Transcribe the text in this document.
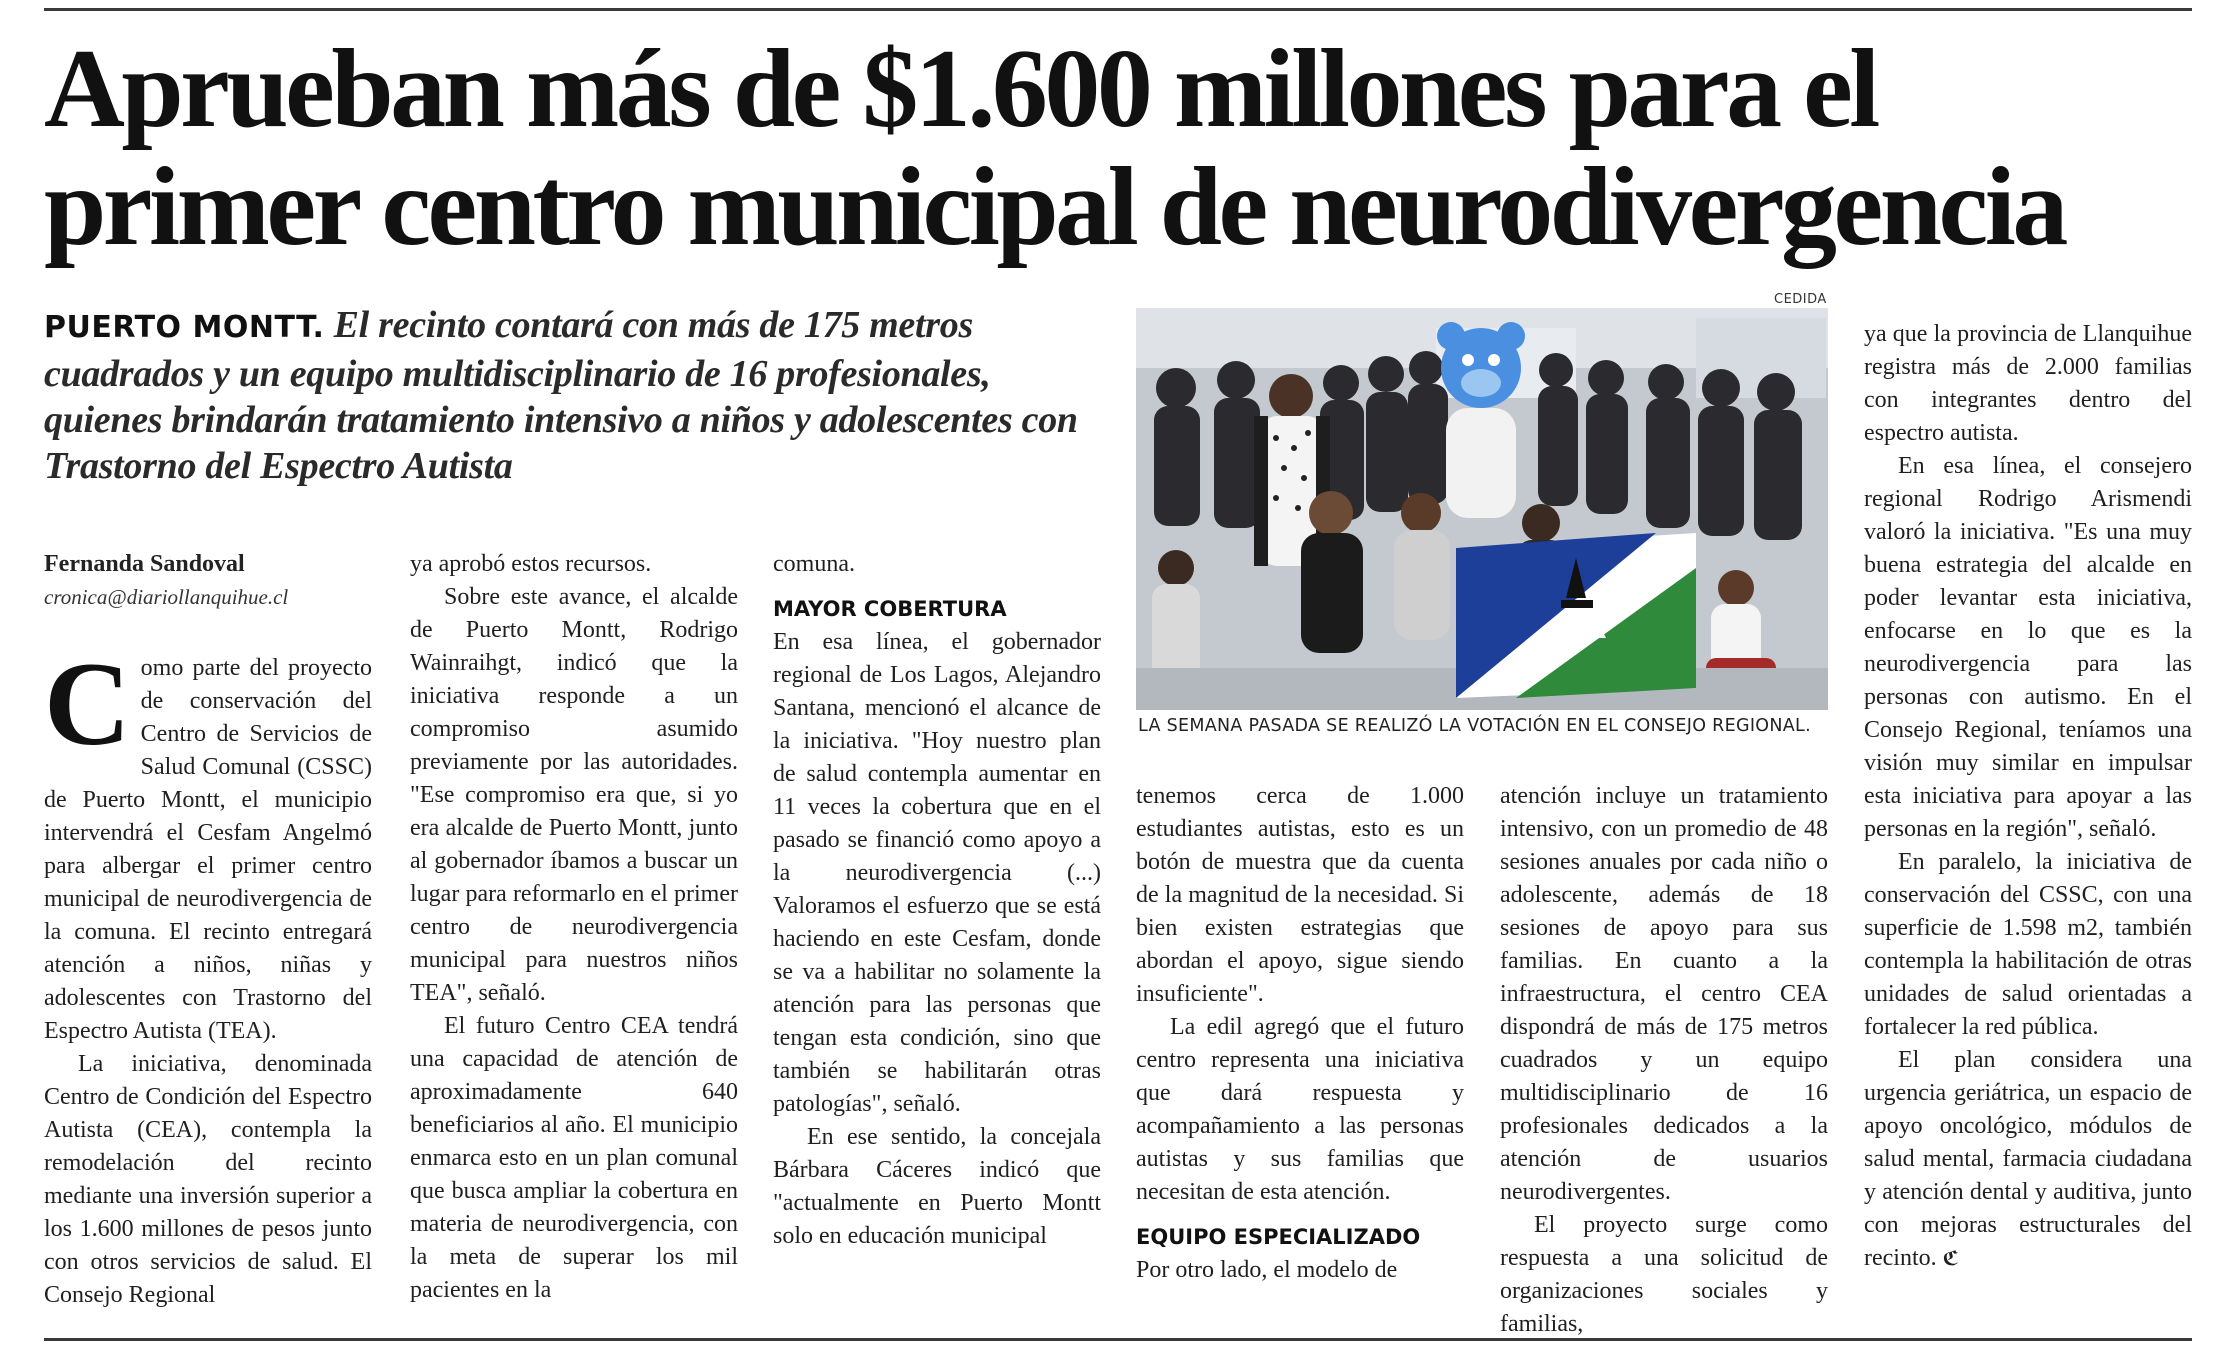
Aprueban más de $1.600 millones para el primer centro municipal de neurodivergencia

PUERTO MONTT. El recinto contará con más de 175 metros cuadrados y un equipo multidisciplinario de 16 profesionales, quienes brindarán tratamiento intensivo a niños y adolescentes con Trastorno del Espectro Autista

CEDIDA
LA SEMANA PASADA SE REALIZÓ LA VOTACIÓN EN EL CONSEJO REGIONAL.
Fernanda Sandoval
cronica@diariollanquihue.cl

Como parte del proyecto de conservación del Centro de Servicios de Salud Comunal (CSSC) de Puerto Montt, el municipio intervendrá el Cesfam Angelmó para albergar el primer centro municipal de neurodivergencia de la comuna. El recinto entregará atención a niños, niñas y adolescentes con Trastorno del Espectro Autista (TEA).

La iniciativa, denominada Centro de Condición del Espectro Autista (CEA), contempla la remodelación del recinto mediante una inversión superior a los 1.600 millones de pesos junto con otros servicios de salud. El Consejo Regional

ya aprobó estos recursos.

Sobre este avance, el alcalde de Puerto Montt, Rodrigo Wainraihgt, indicó que la iniciativa responde a un compromiso asumido previamente por las autoridades. "Ese compromiso era que, si yo era alcalde de Puerto Montt, junto al gobernador íbamos a buscar un lugar para reformarlo en el primer centro de neurodivergencia municipal para nuestros niños TEA", señaló.

El futuro Centro CEA tendrá una capacidad de atención de aproximadamente 640 beneficiarios al año. El municipio enmarca esto en un plan comunal que busca ampliar la cobertura en materia de neurodivergencia, con la meta de superar los mil pacientes en la

comuna.

MAYOR COBERTURA

En esa línea, el gobernador regional de Los Lagos, Alejandro Santana, mencionó el alcance de la iniciativa. "Hoy nuestro plan de salud contempla aumentar en 11 veces la cobertura que en el pasado se financió como apoyo a la neurodivergencia (...) Valoramos el esfuerzo que se está haciendo en este Cesfam, donde se va a habilitar no solamente la atención para las personas que tengan esta condición, sino que también se habilitarán otras patologías", señaló.

En ese sentido, la concejala Bárbara Cáceres indicó que "actualmente en Puerto Montt solo en educación municipal

tenemos cerca de 1.000 estudiantes autistas, esto es un botón de muestra que da cuenta de la magnitud de la necesidad. Si bien existen estrategias que abordan el apoyo, sigue siendo insuficiente".

La edil agregó que el futuro centro representa una iniciativa que dará respuesta y acompañamiento a las personas autistas y sus familias que necesitan de esta atención.

EQUIPO ESPECIALIZADO

Por otro lado, el modelo de

atención incluye un tratamiento intensivo, con un promedio de 48 sesiones anuales por cada niño o adolescente, además de 18 sesiones de apoyo para sus familias. En cuanto a la infraestructura, el centro CEA dispondrá de más de 175 metros cuadrados y un equipo multidisciplinario de 16 profesionales dedicados a la atención de usuarios neurodivergentes.

El proyecto surge como respuesta a una solicitud de organizaciones sociales y familias,

ya que la provincia de Llanquihue registra más de 2.000 familias con integrantes dentro del espectro autista.

En esa línea, el consejero regional Rodrigo Arismendi valoró la iniciativa. "Es una muy buena estrategia del alcalde en poder levantar esta iniciativa, enfocarse en lo que es la neurodivergencia para las personas con autismo. En el Consejo Regional, teníamos una visión muy similar en impulsar esta iniciativa para apoyar a las personas en la región", señaló.

En paralelo, la iniciativa de conservación del CSSC, con una superficie de 1.598 m2, también contempla la habilitación de otras unidades de salud orientadas a fortalecer la red pública.

El plan considera una urgencia geriátrica, un espacio de apoyo oncológico, módulos de salud mental, farmacia ciudadana y atención dental y auditiva, junto con mejoras estructurales del recinto. ℭ
